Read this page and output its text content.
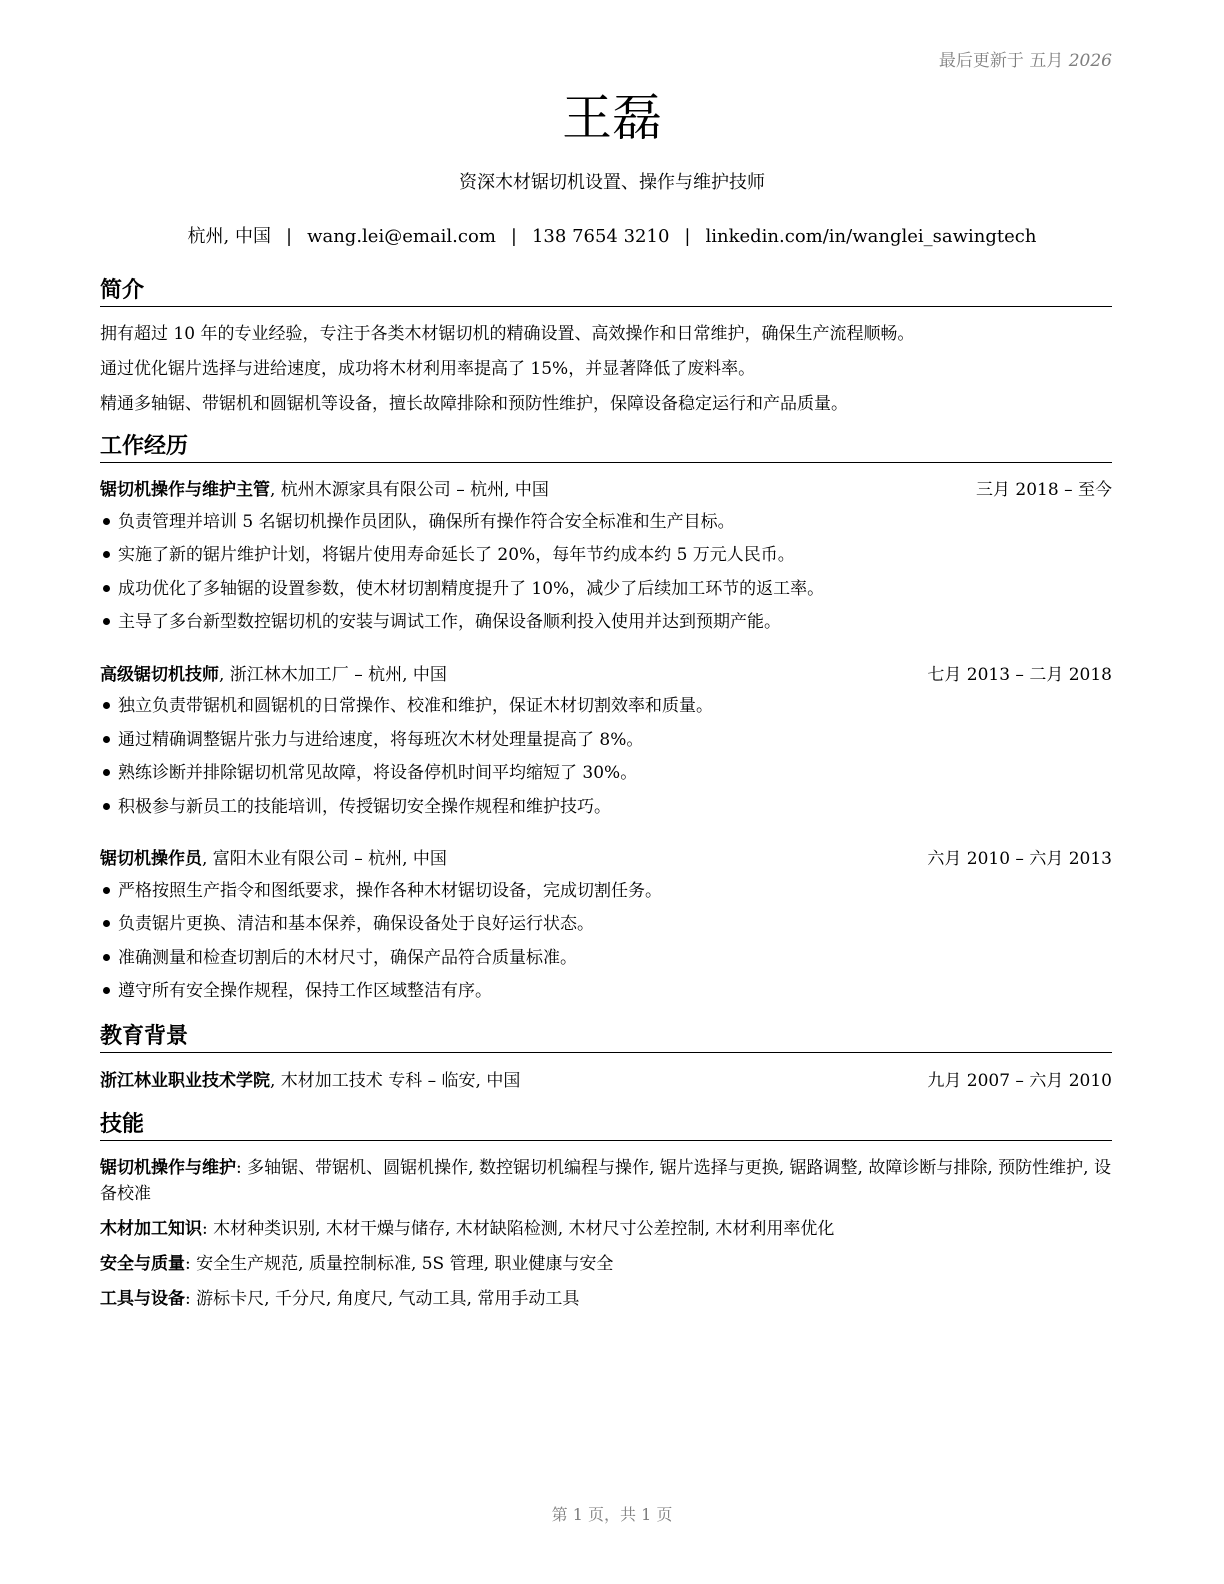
最后更新于 五月 2026
王磊
资深木材锯切机设置、操作与维护技师
杭州, 中国 | wang.lei@email.com | 138 7654 3210 | linkedin.com/in/wanglei_sawingtech
简介
拥有超过 10 年的专业经验，专注于各类木材锯切机的精确设置、高效操作和日常维护，确保生产流程顺畅。
通过优化锯片选择与进给速度，成功将木材利用率提高了 15%，并显著降低了废料率。
精通多轴锯、带锯机和圆锯机等设备，擅长故障排除和预防性维护，保障设备稳定运行和产品质量。
工作经历
锯切机操作与维护主管, 杭州木源家具有限公司 – 杭州, 中国	三月 2018 – 至今
负责管理并培训 5 名锯切机操作员团队，确保所有操作符合安全标准和生产目标。
实施了新的锯片维护计划，将锯片使用寿命延长了 20%，每年节约成本约 5 万元人民币。
成功优化了多轴锯的设置参数，使木材切割精度提升了 10%，减少了后续加工环节的返工率。
主导了多台新型数控锯切机的安装与调试工作，确保设备顺利投入使用并达到预期产能。
高级锯切机技师, 浙江林木加工厂 – 杭州, 中国	七月 2013 – 二月 2018
独立负责带锯机和圆锯机的日常操作、校准和维护，保证木材切割效率和质量。
通过精确调整锯片张力与进给速度，将每班次木材处理量提高了 8%。
熟练诊断并排除锯切机常见故障，将设备停机时间平均缩短了 30%。
积极参与新员工的技能培训，传授锯切安全操作规程和维护技巧。
锯切机操作员, 富阳木业有限公司 – 杭州, 中国	六月 2010 – 六月 2013
严格按照生产指令和图纸要求，操作各种木材锯切设备，完成切割任务。
负责锯片更换、清洁和基本保养，确保设备处于良好运行状态。
准确测量和检查切割后的木材尺寸，确保产品符合质量标准。
遵守所有安全操作规程，保持工作区域整洁有序。
教育背景
浙江林业职业技术学院, 木材加工技术 专科 – 临安, 中国	九月 2007 – 六月 2010
技能
锯切机操作与维护: 多轴锯、带锯机、圆锯机操作, 数控锯切机编程与操作, 锯片选择与更换, 锯路调整, 故障诊断与排除, 预防性维护, 设备校准
木材加工知识: 木材种类识别, 木材干燥与储存, 木材缺陷检测, 木材尺寸公差控制, 木材利用率优化
安全与质量: 安全生产规范, 质量控制标准, 5S 管理, 职业健康与安全
工具与设备: 游标卡尺, 千分尺, 角度尺, 气动工具, 常用手动工具
第 1 页，共 1 页
